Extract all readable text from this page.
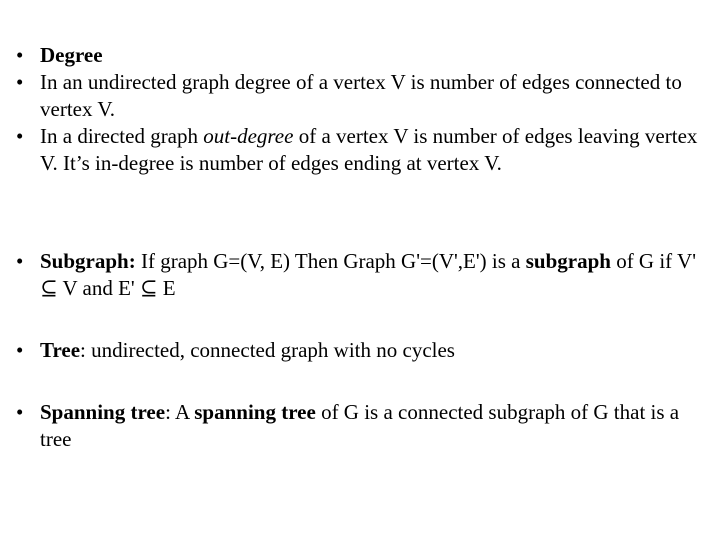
• Degree
• In an undirected graph degree of a vertex V is number of edges connected to vertex V.
• In a directed graph out-degree of a vertex V is number of edges leaving vertex V. It’s in-degree is number of edges ending at vertex V.
• Subgraph: If graph G=(V, E) Then Graph G'=(V',E') is a subgraph of G if V' ⊆ V and E' ⊆ E
• Tree: undirected, connected graph with no cycles
• Spanning tree: A spanning tree of G is a connected subgraph of G that is a tree
